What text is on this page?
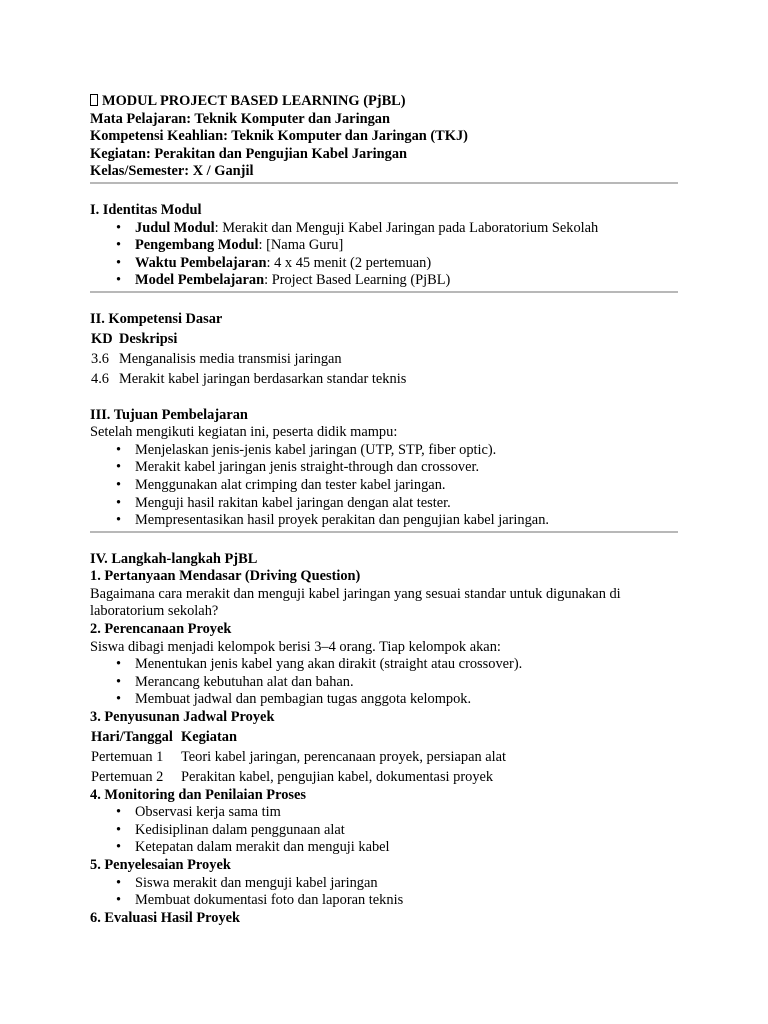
MODUL PROJECT BASED LEARNING (PjBL)
Mata Pelajaran: Teknik Komputer dan Jaringan
Kompetensi Keahlian: Teknik Komputer dan Jaringan (TKJ)
Kegiatan: Perakitan dan Pengujian Kabel Jaringan
Kelas/Semester: X / Ganjil
I. Identitas Modul
• Judul Modul: Merakit dan Menguji Kabel Jaringan pada Laboratorium Sekolah
• Pengembang Modul: [Nama Guru]
• Waktu Pembelajaran: 4 x 45 menit (2 pertemuan)
• Model Pembelajaran: Project Based Learning (PjBL)
II. Kompetensi Dasar
KD	Deskripsi
3.6	Menganalisis media transmisi jaringan
4.6	Merakit kabel jaringan berdasarkan standar teknis
III. Tujuan Pembelajaran
Setelah mengikuti kegiatan ini, peserta didik mampu:
• Menjelaskan jenis-jenis kabel jaringan (UTP, STP, fiber optic).
• Merakit kabel jaringan jenis straight-through dan crossover.
• Menggunakan alat crimping dan tester kabel jaringan.
• Menguji hasil rakitan kabel jaringan dengan alat tester.
• Mempresentasikan hasil proyek perakitan dan pengujian kabel jaringan.
IV. Langkah-langkah PjBL
1. Pertanyaan Mendasar (Driving Question)
Bagaimana cara merakit dan menguji kabel jaringan yang sesuai standar untuk digunakan di
laboratorium sekolah?
2. Perencanaan Proyek
Siswa dibagi menjadi kelompok berisi 3–4 orang. Tiap kelompok akan:
• Menentukan jenis kabel yang akan dirakit (straight atau crossover).
• Merancang kebutuhan alat dan bahan.
• Membuat jadwal dan pembagian tugas anggota kelompok.
3. Penyusunan Jadwal Proyek
Hari/Tanggal	Kegiatan
Pertemuan 1	Teori kabel jaringan, perencanaan proyek, persiapan alat
Pertemuan 2	Perakitan kabel, pengujian kabel, dokumentasi proyek
4. Monitoring dan Penilaian Proses
• Observasi kerja sama tim
• Kedisiplinan dalam penggunaan alat
• Ketepatan dalam merakit dan menguji kabel
5. Penyelesaian Proyek
• Siswa merakit dan menguji kabel jaringan
• Membuat dokumentasi foto dan laporan teknis
6. Evaluasi Hasil Proyek
